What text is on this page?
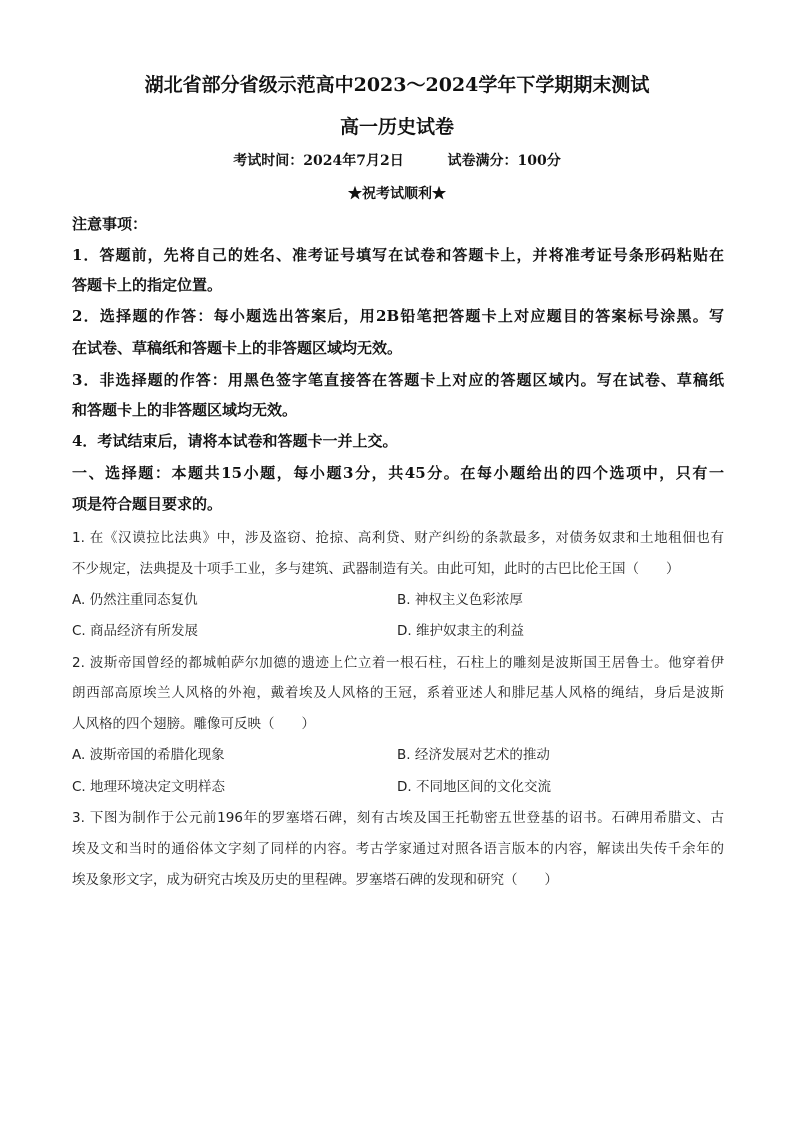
湖北省部分省级示范高中2023～2024学年下学期期末测试
高一历史试卷
考试时间：2024年7月2日	试卷满分：100分
★祝考试顺利★
注意事项：
1．答题前，先将自己的姓名、准考证号填写在试卷和答题卡上，并将准考证号条形码粘贴在
答题卡上的指定位置。
2．选择题的作答：每小题选出答案后，用2B铅笔把答题卡上对应题目的答案标号涂黑。写
在试卷、草稿纸和答题卡上的非答题区域均无效。
3．非选择题的作答：用黑色签字笔直接答在答题卡上对应的答题区域内。写在试卷、草稿纸
和答题卡上的非答题区域均无效。
4．考试结束后，请将本试卷和答题卡一并上交。
一、选择题：本题共15小题，每小题3分，共45分。在每小题给出的四个选项中，只有一
项是符合题目要求的。
1. 在《汉谟拉比法典》中，涉及盗窃、抢掠、高利贷、财产纠纷的条款最多，对债务奴隶和土地租佃也有
不少规定，法典提及十项手工业，多与建筑、武器制造有关。由此可知，此时的古巴比伦王国（　　）
A. 仍然注重同态复仇	B. 神权主义色彩浓厚
C. 商品经济有所发展	D. 维护奴隶主的利益
2. 波斯帝国曾经的都城帕萨尔加德的遗迹上伫立着一根石柱，石柱上的雕刻是波斯国王居鲁士。他穿着伊
朗西部高原埃兰人风格的外袍，戴着埃及人风格的王冠，系着亚述人和腓尼基人风格的绳结，身后是波斯
人风格的四个翅膀。雕像可反映（　　）
A. 波斯帝国的希腊化现象	B. 经济发展对艺术的推动
C. 地理环境决定文明样态	D. 不同地区间的文化交流
3. 下图为制作于公元前196年的罗塞塔石碑，刻有古埃及国王托勒密五世登基的诏书。石碑用希腊文、古
埃及文和当时的通俗体文字刻了同样的内容。考古学家通过对照各语言版本的内容，解读出失传千余年的
埃及象形文字，成为研究古埃及历史的里程碑。罗塞塔石碑的发现和研究（　　）
